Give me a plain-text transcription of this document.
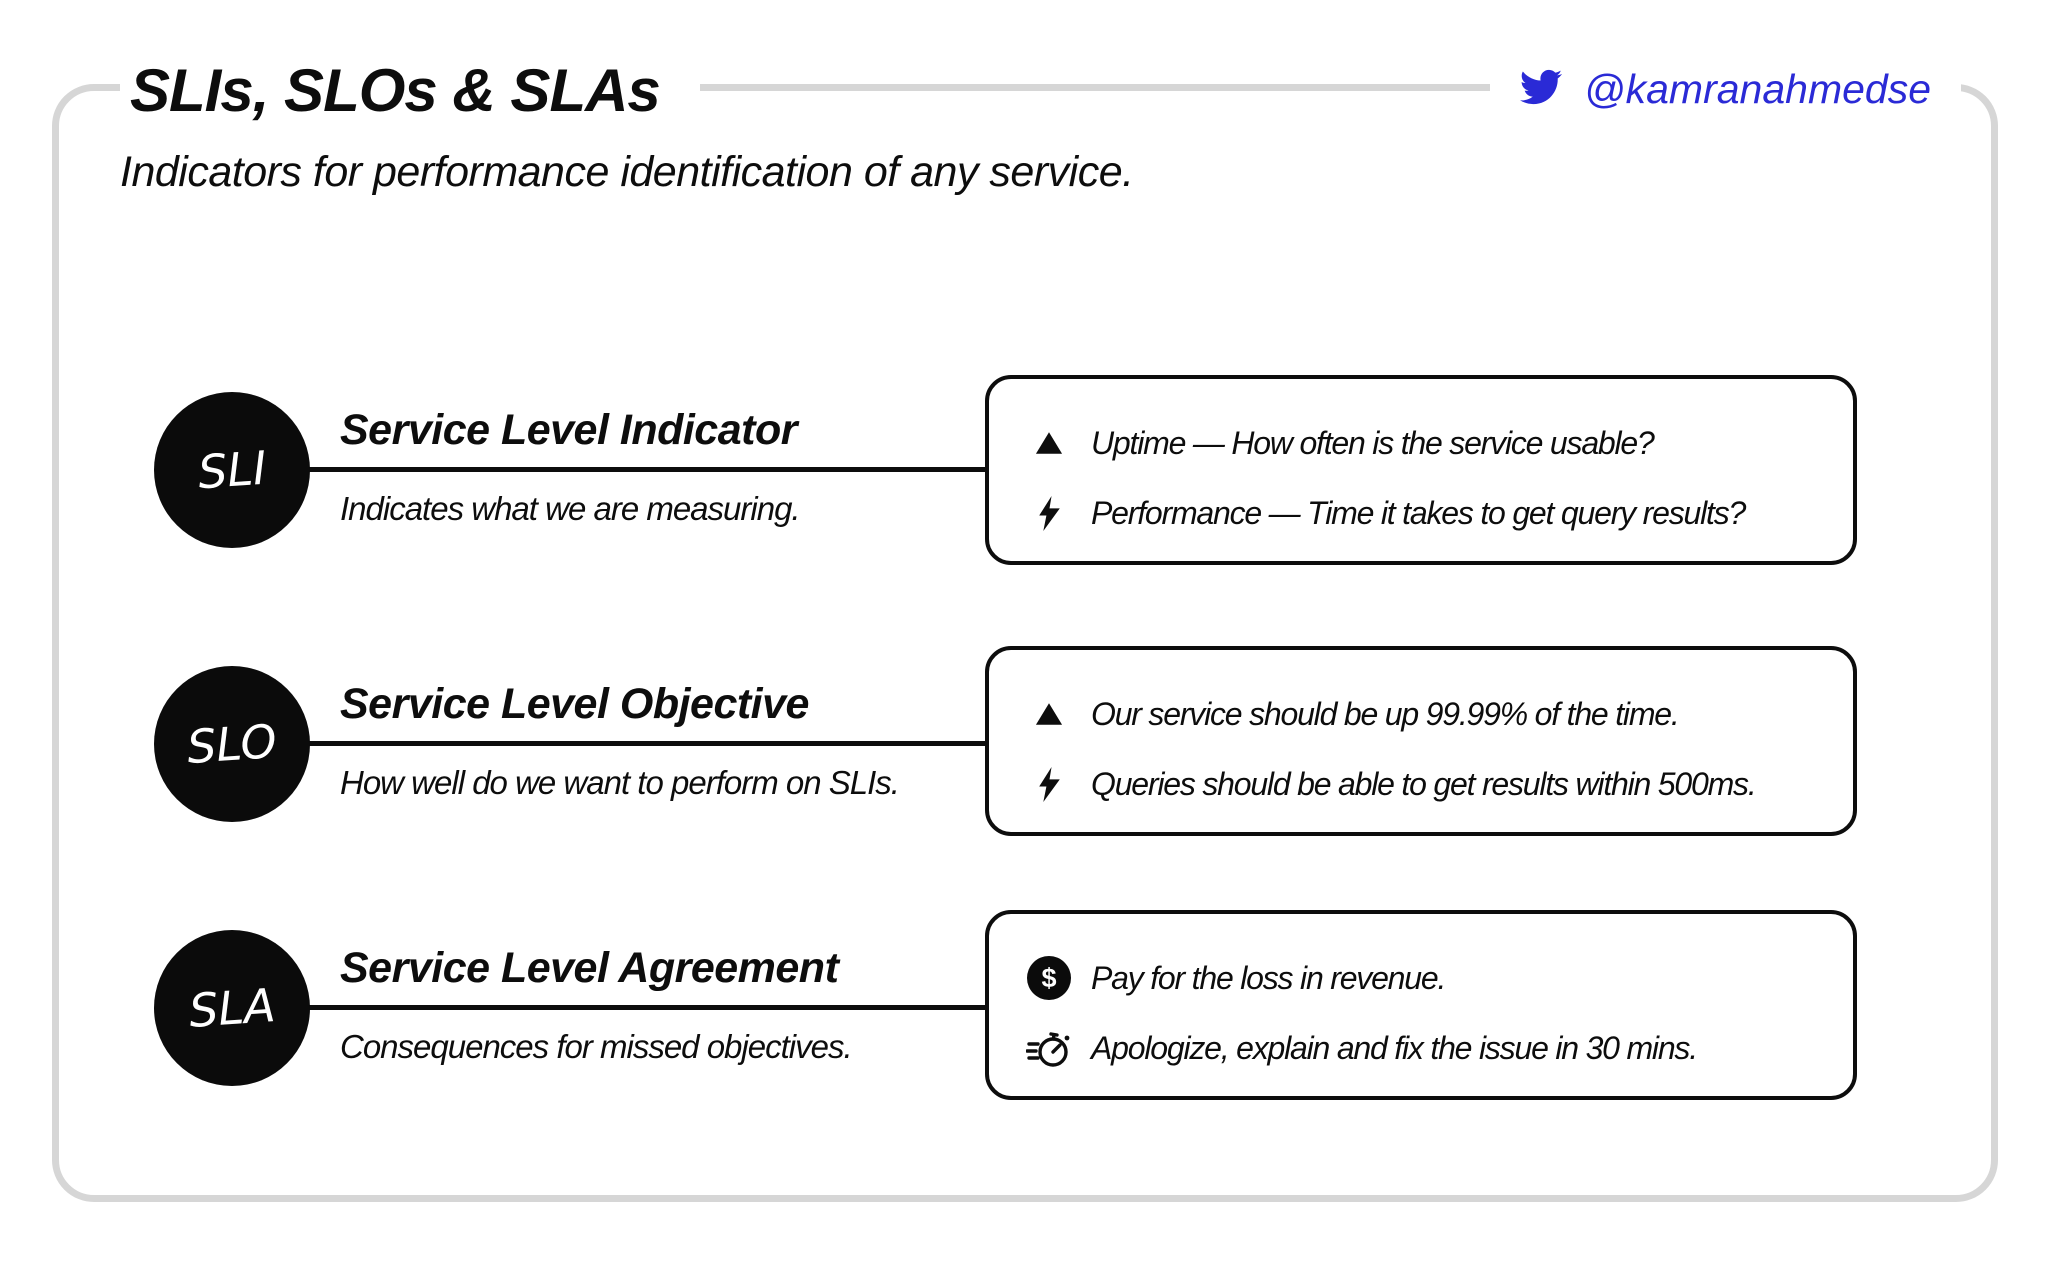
SLIs, SLOs & SLAs	@kamranahmedse
Indicators for performance identification of any service.
SLI
Service Level Indicator
Indicates what we are measuring.
Uptime — How often is the service usable?
Performance — Time it takes to get query results?
SLO
Service Level Objective
How well do we want to perform on SLIs.
Our service should be up 99.99% of the time.
Queries should be able to get results within 500ms.
SLA
Service Level Agreement
Consequences for missed objectives.
$	Pay for the loss in revenue.
Apologize, explain and fix the issue in 30 mins.
